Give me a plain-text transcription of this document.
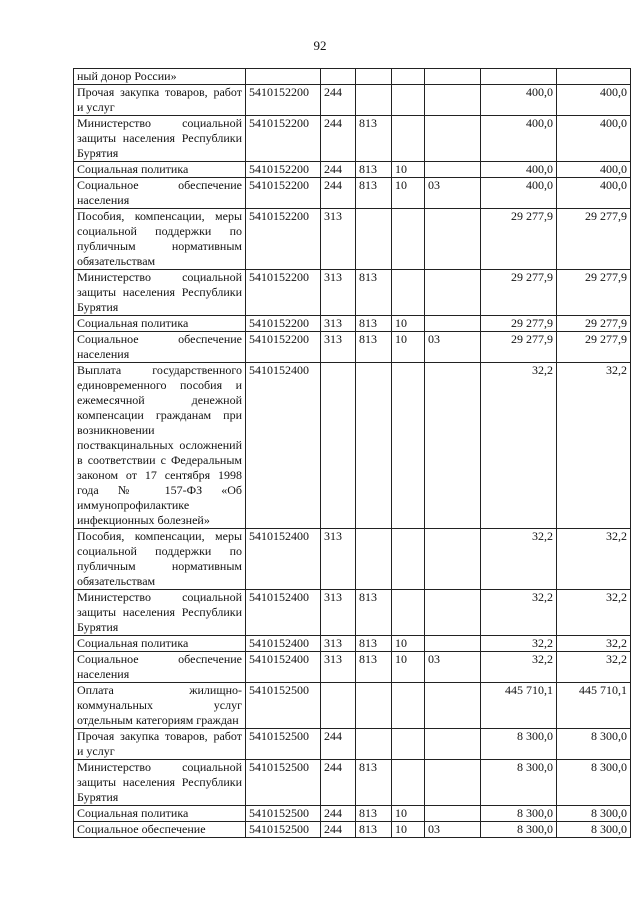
92
ный донор России»							
Прочая закупка товаров, работ и услуг	5410152200	244				400,0	400,0
Министерство социальной защиты населения Республики Бурятия	5410152200	244	813			400,0	400,0
Социальная политика	5410152200	244	813	10		400,0	400,0
Социальное обеспечение населения	5410152200	244	813	10	03	400,0	400,0
Пособия, компенсации, меры социальной поддержки по публичным нормативным обязательствам	5410152200	313				29 277,9	29 277,9
Министерство социальной защиты населения Республики Бурятия	5410152200	313	813			29 277,9	29 277,9
Социальная политика	5410152200	313	813	10		29 277,9	29 277,9
Социальное обеспечение населения	5410152200	313	813	10	03	29 277,9	29 277,9
Выплата государственного единовременного пособия и ежемесячной денежной компенсации гражданам при возникновении поствакцинальных осложнений в соответствии с Федеральным законом от 17 сентября 1998 года № 157-ФЗ «Об иммунопрофилактике инфекционных болезней»	5410152400					32,2	32,2
Пособия, компенсации, меры социальной поддержки по публичным нормативным обязательствам	5410152400	313				32,2	32,2
Министерство социальной защиты населения Республики Бурятия	5410152400	313	813			32,2	32,2
Социальная политика	5410152400	313	813	10		32,2	32,2
Социальное обеспечение населения	5410152400	313	813	10	03	32,2	32,2
Оплата жилищно-коммунальных услуг отдельным категориям граждан	5410152500					445 710,1	445 710,1
Прочая закупка товаров, работ и услуг	5410152500	244				8 300,0	8 300,0
Министерство социальной защиты населения Республики Бурятия	5410152500	244	813			8 300,0	8 300,0
Социальная политика	5410152500	244	813	10		8 300,0	8 300,0
Социальное обеспечение	5410152500	244	813	10	03	8 300,0	8 300,0
